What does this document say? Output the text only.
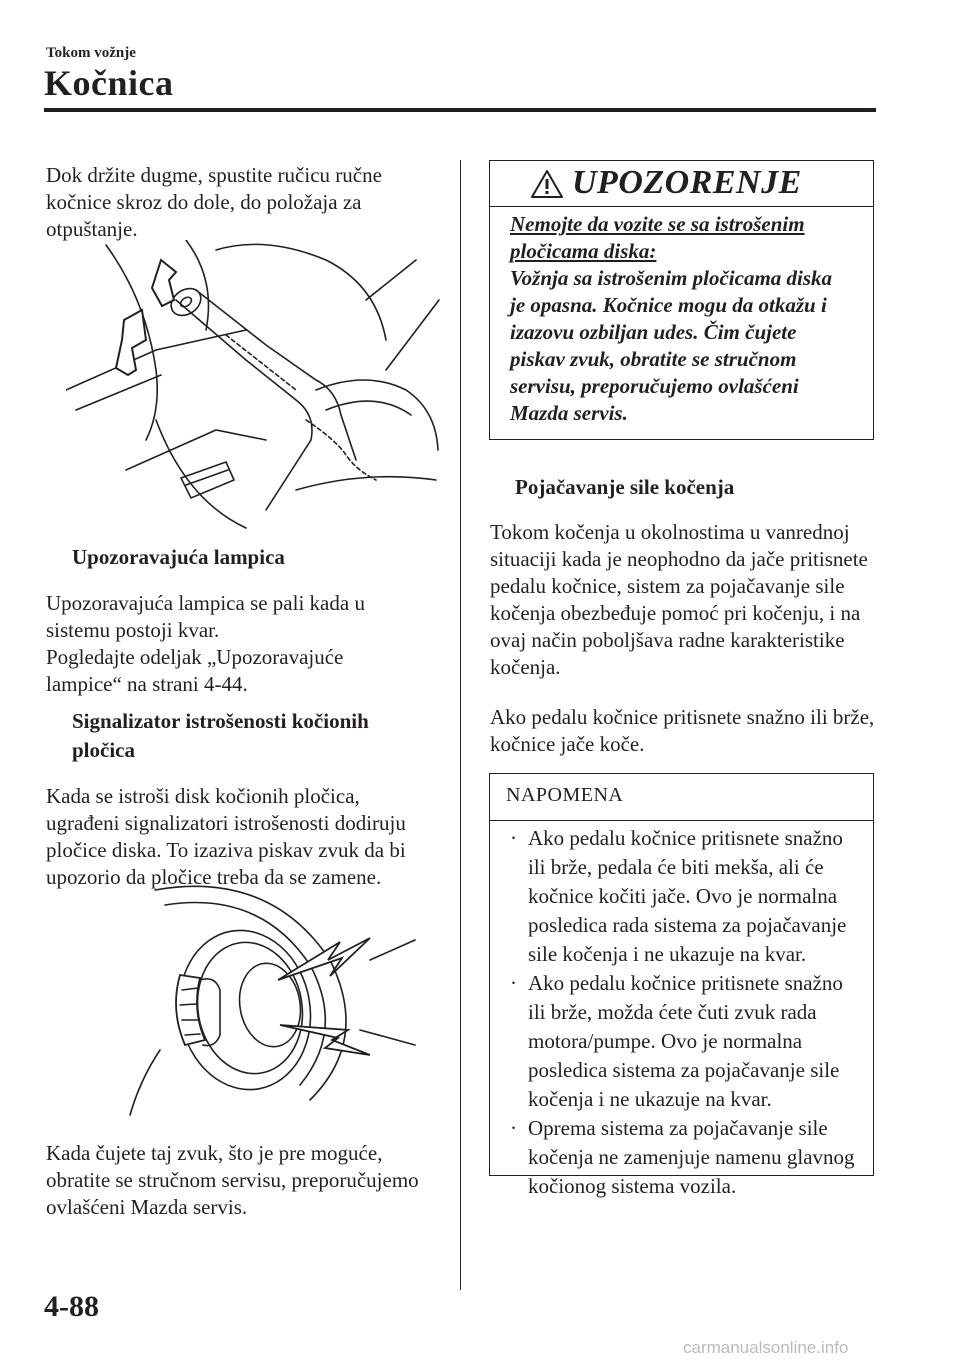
Tokom vožnje
Kočnica

Dok držite dugme, spustite ručicu ručne kočnice skroz do dole, do položaja za otpuštanje.

Upozoravajuća lampica

Upozoravajuća lampica se pali kada u sistemu postoji kvar.

Pogledajte odeljak „Upozoravajuće lampice“ na strani 4-44.

Signalizator istrošenosti kočionih pločica

Kada se istroši disk kočionih pločica, ugrađeni signalizatori istrošenosti dodiruju pločice diska. To izaziva piskav zvuk da bi upozorio da pločice treba da se zamene.

Kada čujete taj zvuk, što je pre moguće, obratite se stručnom servisu, preporučujemo ovlašćeni Mazda servis.

UPOZORENJE
Nemojte da vozite se sa istrošenim pločicama diska:
Vožnja sa istrošenim pločicama diska je opasna. Kočnice mogu da otkažu i izazovu ozbiljan udes. Čim čujete piskav zvuk, obratite se stručnom servisu, preporučujemo ovlašćeni Mazda servis.
Pojačavanje sile kočenja

Tokom kočenja u okolnostima u vanrednoj situaciji kada je neophodno da jače pritisnete pedalu kočnice, sistem za pojačavanje sile kočenja obezbeđuje pomoć pri kočenju, i na ovaj način poboljšava radne karakteristike kočenja.

Ako pedalu kočnice pritisnete snažno ili brže, kočnice jače koče.

NAPOMENA
· Ako pedalu kočnice pritisnete snažno ili brže, pedala će biti mekša, ali će kočnice kočiti jače. Ovo je normalna posledica rada sistema za pojačavanje sile kočenja i ne ukazuje na kvar.
· Ako pedalu kočnice pritisnete snažno ili brže, možda ćete čuti zvuk rada motora/pumpe. Ovo je normalna posledica sistema za pojačavanje sile kočenja i ne ukazuje na kvar.
· Oprema sistema za pojačavanje sile kočenja ne zamenjuje namenu glavnog kočionog sistema vozila.
4-88
carmanualsonline.info
